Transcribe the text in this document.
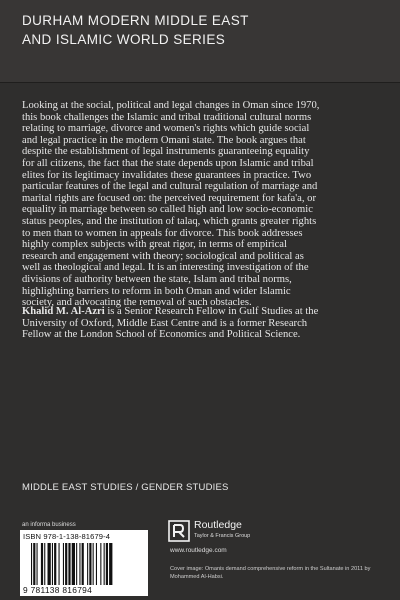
DURHAM MODERN MIDDLE EAST
AND ISLAMIC WORLD SERIES
Looking at the social, political and legal changes in Oman since 1970,
this book challenges the Islamic and tribal traditional cultural norms
relating to marriage, divorce and women's rights which guide social
and legal practice in the modern Omani state. The book argues that
despite the establishment of legal instruments guaranteeing equality
for all citizens, the fact that the state depends upon Islamic and tribal
elites for its legitimacy invalidates these guarantees in practice. Two
particular features of the legal and cultural regulation of marriage and
marital rights are focused on: the perceived requirement for kafa'a, or
equality in marriage between so called high and low socio-economic
status peoples, and the institution of talaq, which grants greater rights
to men than to women in appeals for divorce. This book addresses
highly complex subjects with great rigor, in terms of empirical
research and engagement with theory; sociological and political as
well as theological and legal. It is an interesting investigation of the
divisions of authority between the state, Islam and tribal norms,
highlighting barriers to reform in both Oman and wider Islamic
society, and advocating the removal of such obstacles.
Khalid M. Al-Azri is a Senior Research Fellow in Gulf Studies at the
University of Oxford, Middle East Centre and is a former Research
Fellow at the London School of Economics and Political Science.
MIDDLE EAST STUDIES / GENDER STUDIES
an informa business
ISBN 978-1-138-81679-4
9 781138 816794
Routledge
Taylor & Francis Group
www.routledge.com
Cover image: Omanis demand comprehensive reform in the Sultanate in 2011 by
Mohammed Al-Habsi.
